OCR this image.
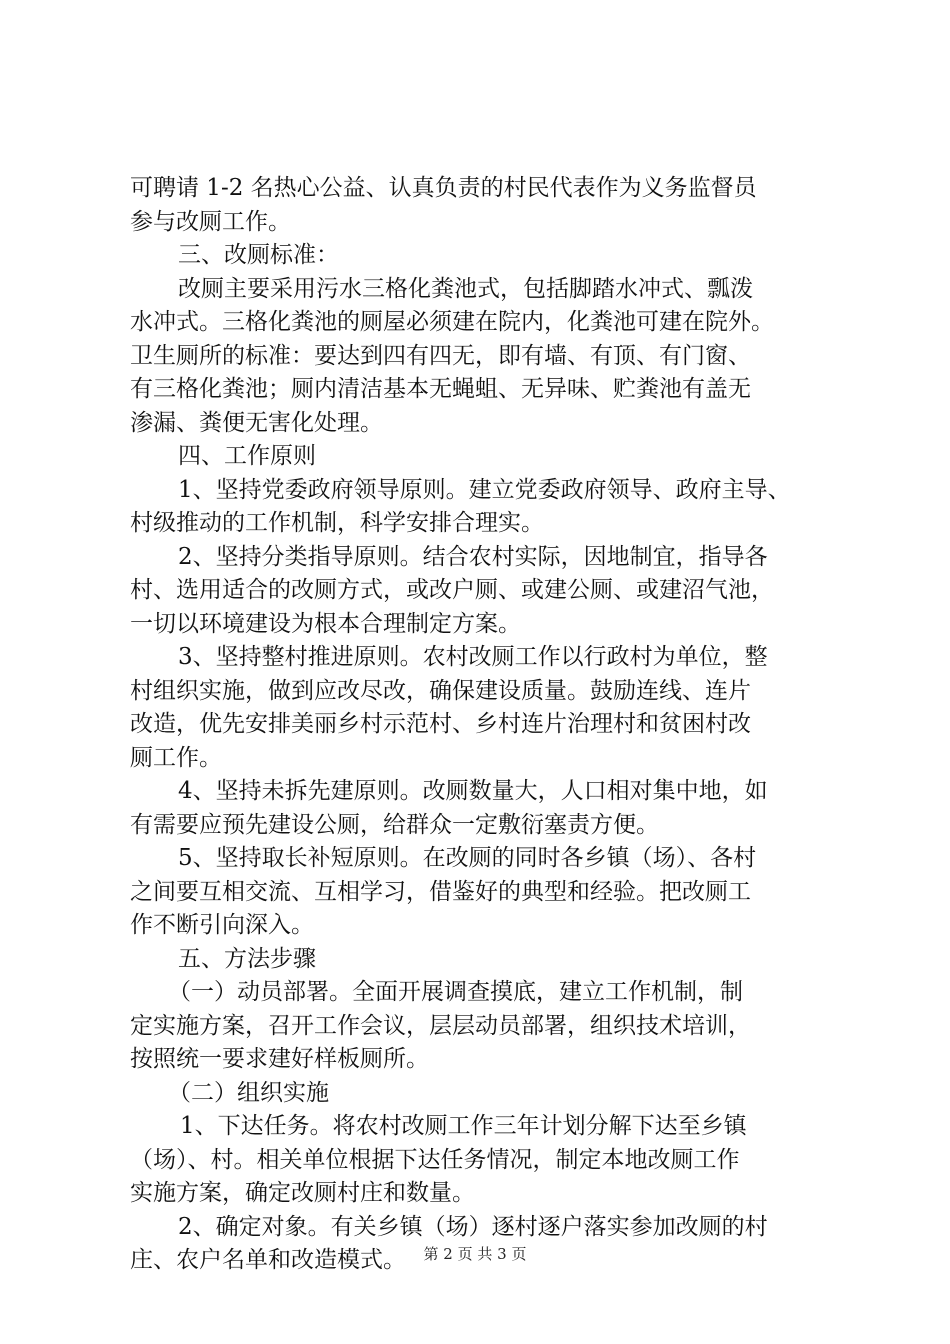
可聘请 1-2 名热心公益、认真负责的村民代表作为义务监督员
参与改厕工作。
三、改厕标准：
改厕主要采用污水三格化粪池式，包括脚踏水冲式、瓢泼
水冲式。三格化粪池的厕屋必须建在院内，化粪池可建在院外。
卫生厕所的标准：要达到四有四无，即有墙、有顶、有门窗、
有三格化粪池；厕内清洁基本无蝇蛆、无异味、贮粪池有盖无
渗漏、粪便无害化处理。
四、工作原则
1、坚持党委政府领导原则。建立党委政府领导、政府主导、
村级推动的工作机制，科学安排合理实。
2、坚持分类指导原则。结合农村实际，因地制宜，指导各
村、选用适合的改厕方式，或改户厕、或建公厕、或建沼气池，
一切以环境建设为根本合理制定方案。
3、坚持整村推进原则。农村改厕工作以行政村为单位，整
村组织实施，做到应改尽改，确保建设质量。鼓励连线、连片
改造，优先安排美丽乡村示范村、乡村连片治理村和贫困村改
厕工作。
4、坚持未拆先建原则。改厕数量大，人口相对集中地，如
有需要应预先建设公厕，给群众一定敷衍塞责方便。
5、坚持取长补短原则。在改厕的同时各乡镇（场）、各村
之间要互相交流、互相学习，借鉴好的典型和经验。把改厕工
作不断引向深入。
五、方法步骤
（一）动员部署。全面开展调查摸底，建立工作机制，制
定实施方案，召开工作会议，层层动员部署，组织技术培训，
按照统一要求建好样板厕所。
（二）组织实施
1、下达任务。将农村改厕工作三年计划分解下达至乡镇
（场）、村。相关单位根据下达任务情况，制定本地改厕工作
实施方案，确定改厕村庄和数量。
2、确定对象。有关乡镇（场）逐村逐户落实参加改厕的村
庄、农户名单和改造模式。	第 2 页 共 3 页
